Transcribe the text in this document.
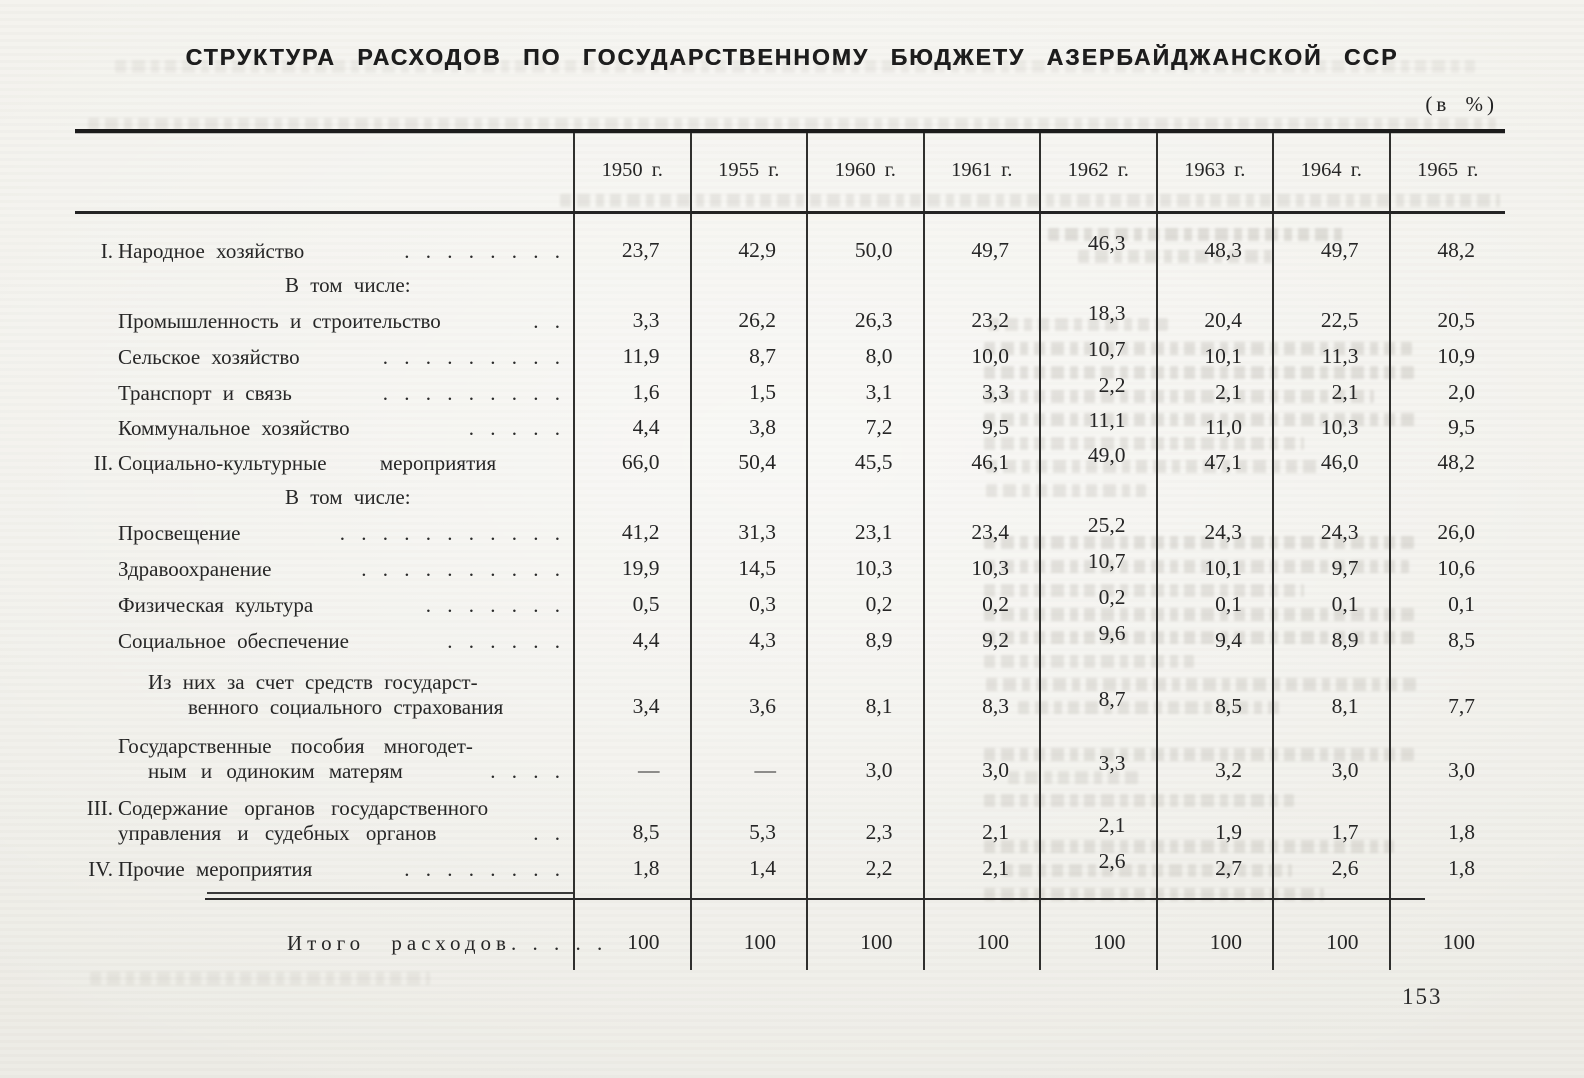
СТРУКТУРА РАСХОДОВ ПО ГОСУДАРСТВЕННОМУ БЮДЖЕТУ АЗЕРБАЙДЖАНСКОЙ ССР
(в %)
1950 г.	1955 г.	1960 г.	1961 г.	1962 г.	1963 г.	1964 г.	1965 г.
I. Народное хозяйство	. . . . . . . .	23,7	42,9	50,0	49,7	46,3	48,3	49,7	48,2
В том числе:
Промышленность и строительство	. .	3,3	26,2	26,3	23,2	18,3	20,4	22,5	20,5
Сельское хозяйство	. . . . . . . . .	11,9	8,7	8,0	10,0	10,7	10,1	11,3	10,9
Транспорт и связь	. . . . . . . . .	1,6	1,5	3,1	3,3	2,2	2,1	2,1	2,0
Коммунальное хозяйство	. . . . .	4,4	3,8	7,2	9,5	11,1	11,0	10,3	9,5
II. Социально-культурные мероприятия	66,0	50,4	45,5	46,1	49,0	47,1	46,0	48,2
В том числе:
Просвещение	. . . . . . . . . . .	41,2	31,3	23,1	23,4	25,2	24,3	24,3	26,0
Здравоохранение	. . . . . . . . . .	19,9	14,5	10,3	10,3	10,7	10,1	9,7	10,6
Физическая культура	. . . . . . .	0,5	0,3	0,2	0,2	0,2	0,1	0,1	0,1
Социальное обеспечение	. . . . . .	4,4	4,3	8,9	9,2	9,6	9,4	8,9	8,5
Из них за счет средств государст-
венного социального страхования	3,4	3,6	8,1	8,3	8,7	8,5	8,1	7,7
Государственные пособия многодет-
ным и одиноким матерям	. . . .	—	—	3,0	3,0	3,3	3,2	3,0	3,0
III. Содержание органов государственного
управления и судебных органов	. .	8,5	5,3	2,3	2,1	2,1	1,9	1,7	1,8
IV. Прочие мероприятия	. . . . . . . .	1,8	1,4	2,2	2,1	2,6	2,7	2,6	1,8
Итого расходов . . . . .	100	100	100	100	100	100	100	100
153
